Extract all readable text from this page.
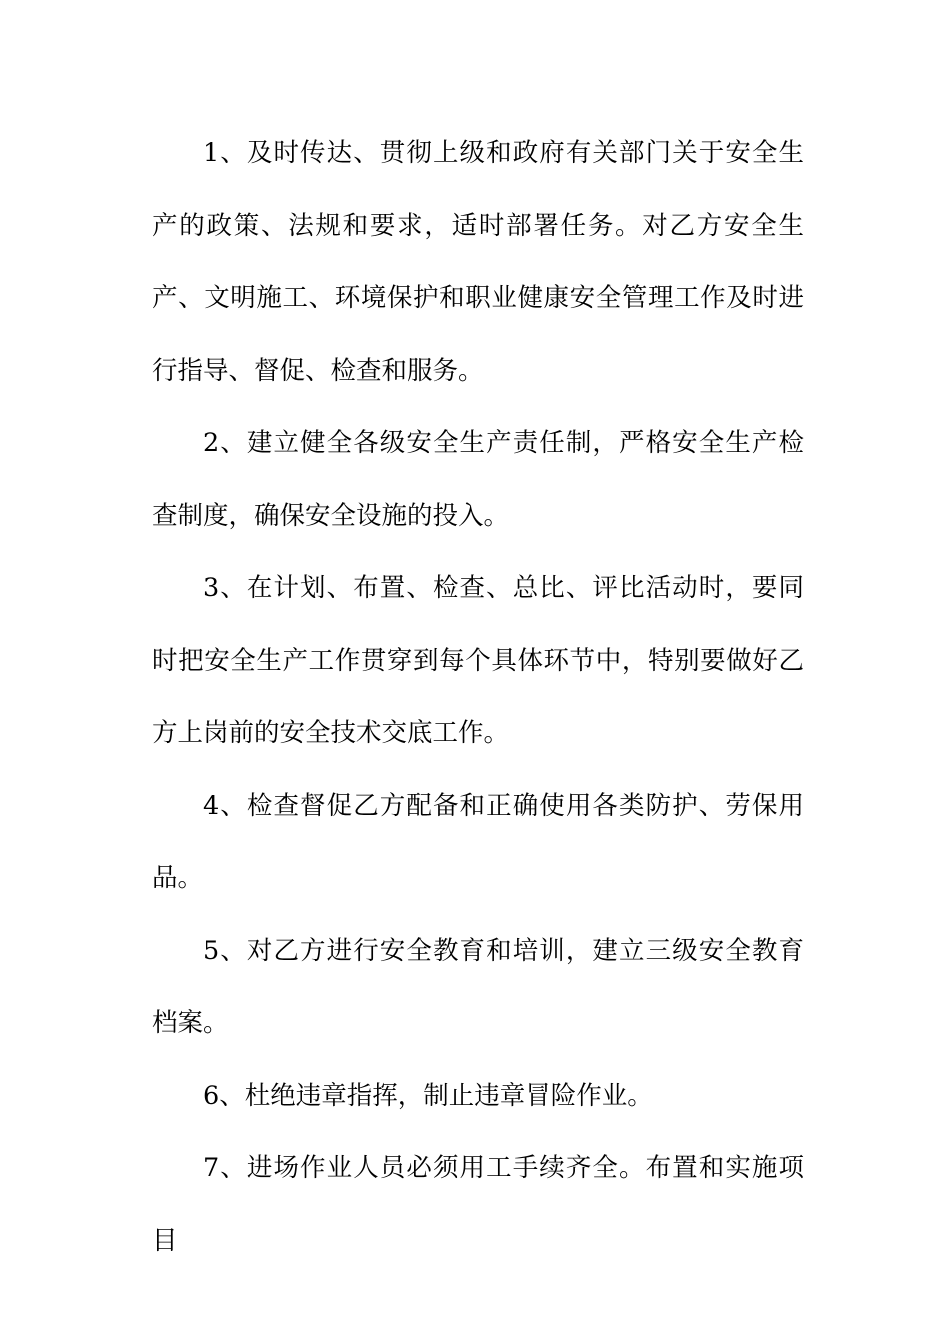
1、及时传达、贯彻上级和政府有关部门关于安全生产的政策、法规和要求，适时部署任务。对乙方安全生产、文明施工、环境保护和职业健康安全管理工作及时进行指导、督促、检查和服务。

2、建立健全各级安全生产责任制，严格安全生产检查制度，确保安全设施的投入。

3、在计划、布置、检查、总比、评比活动时，要同时把安全生产工作贯穿到每个具体环节中，特别要做好乙方上岗前的安全技术交底工作。

4、检查督促乙方配备和正确使用各类防护、劳保用品。

5、对乙方进行安全教育和培训，建立三级安全教育档案。

6、杜绝违章指挥，制止违章冒险作业。

7、进场作业人员必须用工手续齐全。布置和实施项目
